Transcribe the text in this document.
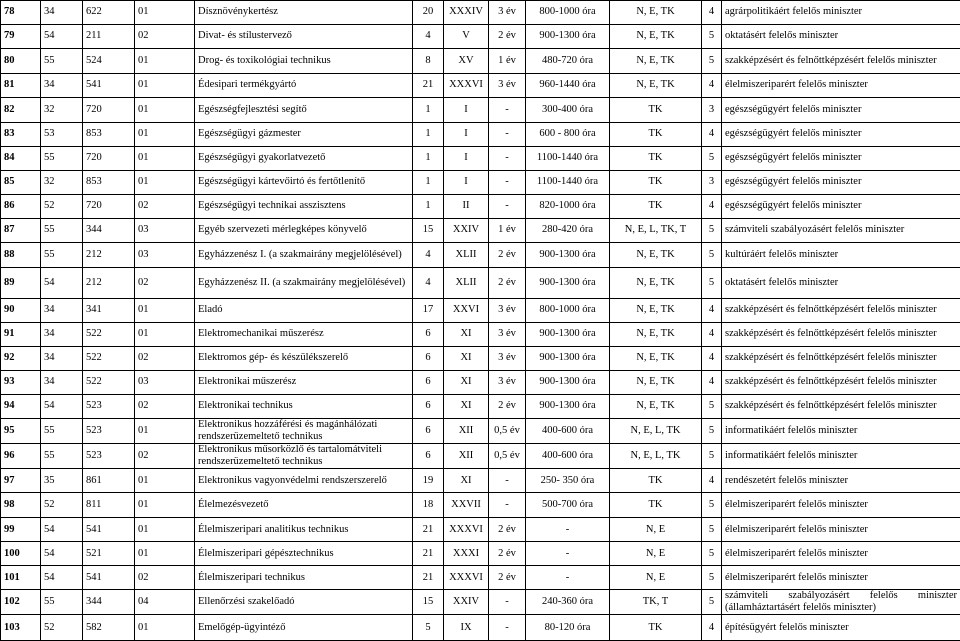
78	34	622	01	Dísznövénykertész	20	XXXIV	3 év	800-1000 óra	N, E, TK	4	agrárpolitikáért felelős miniszter
79	54	211	02	Divat- és stílustervező	4	V	2 év	900-1300 óra	N, E, TK	5	oktatásért felelős miniszter
80	55	524	01	Drog- és toxikológiai technikus	8	XV	1 év	480-720 óra	N, E, TK	5	szakképzésért és felnőttképzésért felelős miniszter
81	34	541	01	Édesipari termékgyártó	21	XXXVI	3 év	960-1440 óra	N, E, TK	4	élelmiszeriparért felelős miniszter
82	32	720	01	Egészségfejlesztési segítő	1	I	-	300-400 óra	TK	3	egészségügyért felelős miniszter
83	53	853	01	Egészségügyi gázmester	1	I	-	600 - 800 óra	TK	4	egészségügyért felelős miniszter
84	55	720	01	Egészségügyi gyakorlatvezető	1	I	-	1100-1440 óra	TK	5	egészségügyért felelős miniszter
85	32	853	01	Egészségügyi kártevőirtó és fertőtlenítő	1	I	-	1100-1440 óra	TK	3	egészségügyért felelős miniszter
86	52	720	02	Egészségügyi technikai asszisztens	1	II	-	820-1000 óra	TK	4	egészségügyért felelős miniszter
87	55	344	03	Egyéb szervezeti mérlegképes könyvelő	15	XXIV	1 év	280-420 óra	N, E, L, TK, T	5	számviteli szabályozásért felelős miniszter
88	55	212	03	Egyházzenész I. (a szakmairány megjelölésével)	4	XLII	2 év	900-1300 óra	N, E, TK	5	kultúráért felelős miniszter
89	54	212	02	Egyházzenész II. (a szakmairány megjelölésével)	4	XLII	2 év	900-1300 óra	N, E, TK	5	oktatásért felelős miniszter
90	34	341	01	Eladó	17	XXVI	3 év	800-1000 óra	N, E, TK	4	szakképzésért és felnőttképzésért felelős miniszter
91	34	522	01	Elektromechanikai műszerész	6	XI	3 év	900-1300 óra	N, E, TK	4	szakképzésért és felnőttképzésért felelős miniszter
92	34	522	02	Elektromos gép- és készülékszerelő	6	XI	3 év	900-1300 óra	N, E, TK	4	szakképzésért és felnőttképzésért felelős miniszter
93	34	522	03	Elektronikai műszerész	6	XI	3 év	900-1300 óra	N, E, TK	4	szakképzésért és felnőttképzésért felelős miniszter
94	54	523	02	Elektronikai technikus	6	XI	2 év	900-1300 óra	N, E, TK	5	szakképzésért és felnőttképzésért felelős miniszter
95	55	523	01	Elektronikus hozzáférési és magánhálózati rendszerüzemeltető technikus	6	XII	0,5 év	400-600 óra	N, E, L, TK	5	informatikáért felelős miniszter
96	55	523	02	Elektronikus műsorközlő és tartalomátviteli rendszerüzemeltető technikus	6	XII	0,5 év	400-600 óra	N, E, L, TK	5	informatikáért felelős miniszter
97	35	861	01	Elektronikus vagyonvédelmi rendszerszerelő	19	XI	-	250- 350 óra	TK	4	rendészetért felelős miniszter
98	52	811	01	Élelmezésvezető	18	XXVII	-	500-700 óra	TK	5	élelmiszeriparért felelős miniszter
99	54	541	01	Élelmiszeripari analitikus technikus	21	XXXVI	2 év	-	N, E	5	élelmiszeriparért felelős miniszter
100	54	521	01	Élelmiszeripari gépésztechnikus	21	XXXI	2 év	-	N, E	5	élelmiszeriparért felelős miniszter
101	54	541	02	Élelmiszeripari technikus	21	XXXVI	2 év	-	N, E	5	élelmiszeriparért felelős miniszter
102	55	344	04	Ellenőrzési szakelőadó	15	XXIV	-	240-360 óra	TK, T	5	számviteli szabályozásért felelős miniszter (államháztartásért felelős miniszter)
103	52	582	01	Emelőgép-ügyintéző	5	IX	-	80-120 óra	TK	4	építésügyért felelős miniszter
